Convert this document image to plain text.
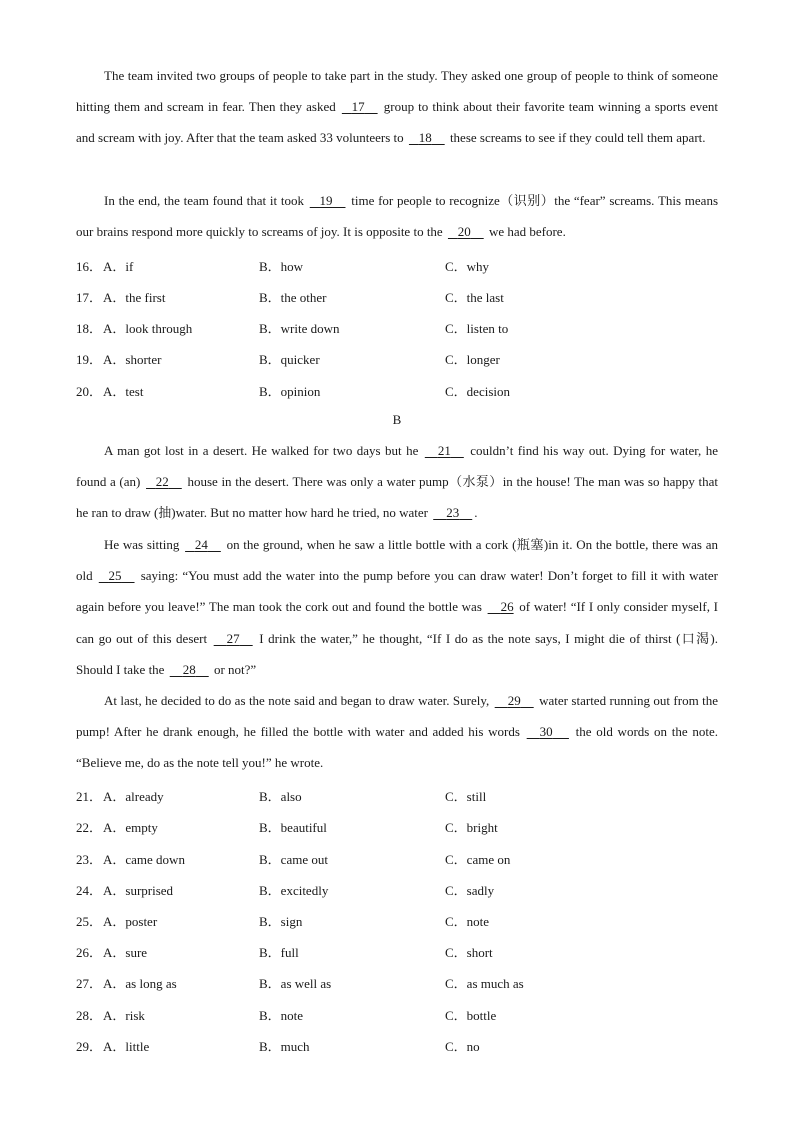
The team invited two groups of people to take part in the study. They asked one group of people to think of someone hitting them and scream in fear. Then they asked 17 group to think about their favorite team winning a sports event and scream with joy. After that the team asked 33 volunteers to 18 these screams to see if they could tell them apart.

In the end, the team found that it took 19 time for people to recognize（识别）the “fear” screams. This means our brains respond more quickly to screams of joy. It is opposite to the 20 we had before.

16． A．if	B．how	C．why
17． A．the first	B．the other	C．the last
18． A．look through	B．write down	C．listen to
19． A．shorter	B．quicker	C．longer
20． A．test	B．opinion	C．decision
B

A man got lost in a desert. He walked for two days but he 21 couldn’t find his way out. Dying for water, he found a (an) 22 house in the desert. There was only a water pump（水泵）in the house! The man was so happy that he ran to draw (抽)water. But no matter how hard he tried, no water 23 .

He was sitting 24 on the ground, when he saw a little bottle with a cork (瓶塞)in it. On the bottle, there was an old 25 saying: “You must add the water into the pump before you can draw water! Don’t forget to fill it with water again before you leave!” The man took the cork out and found the bottle was 26 of water! “If I only consider myself, I can go out of this desert 27 I drink the water,” he thought, “If I do as the note says, I might die of thirst (口渴). Should I take the 28 or not?”

At last, he decided to do as the note said and began to draw water. Surely, 29 water started running out from the pump! After he drank enough, he filled the bottle with water and added his words 30 the old words on the note. “Believe me, do as the note tell you!” he wrote.

21． A．already	B．also	C．still
22． A．empty	B．beautiful	C．bright
23． A．came down	B．came out	C．came on
24． A．surprised	B．excitedly	C．sadly
25． A．poster	B．sign	C．note
26． A．sure	B．full	C．short
27． A．as long as	B．as well as	C．as much as
28． A．risk	B．note	C．bottle
29． A．little	B．much	C．no
